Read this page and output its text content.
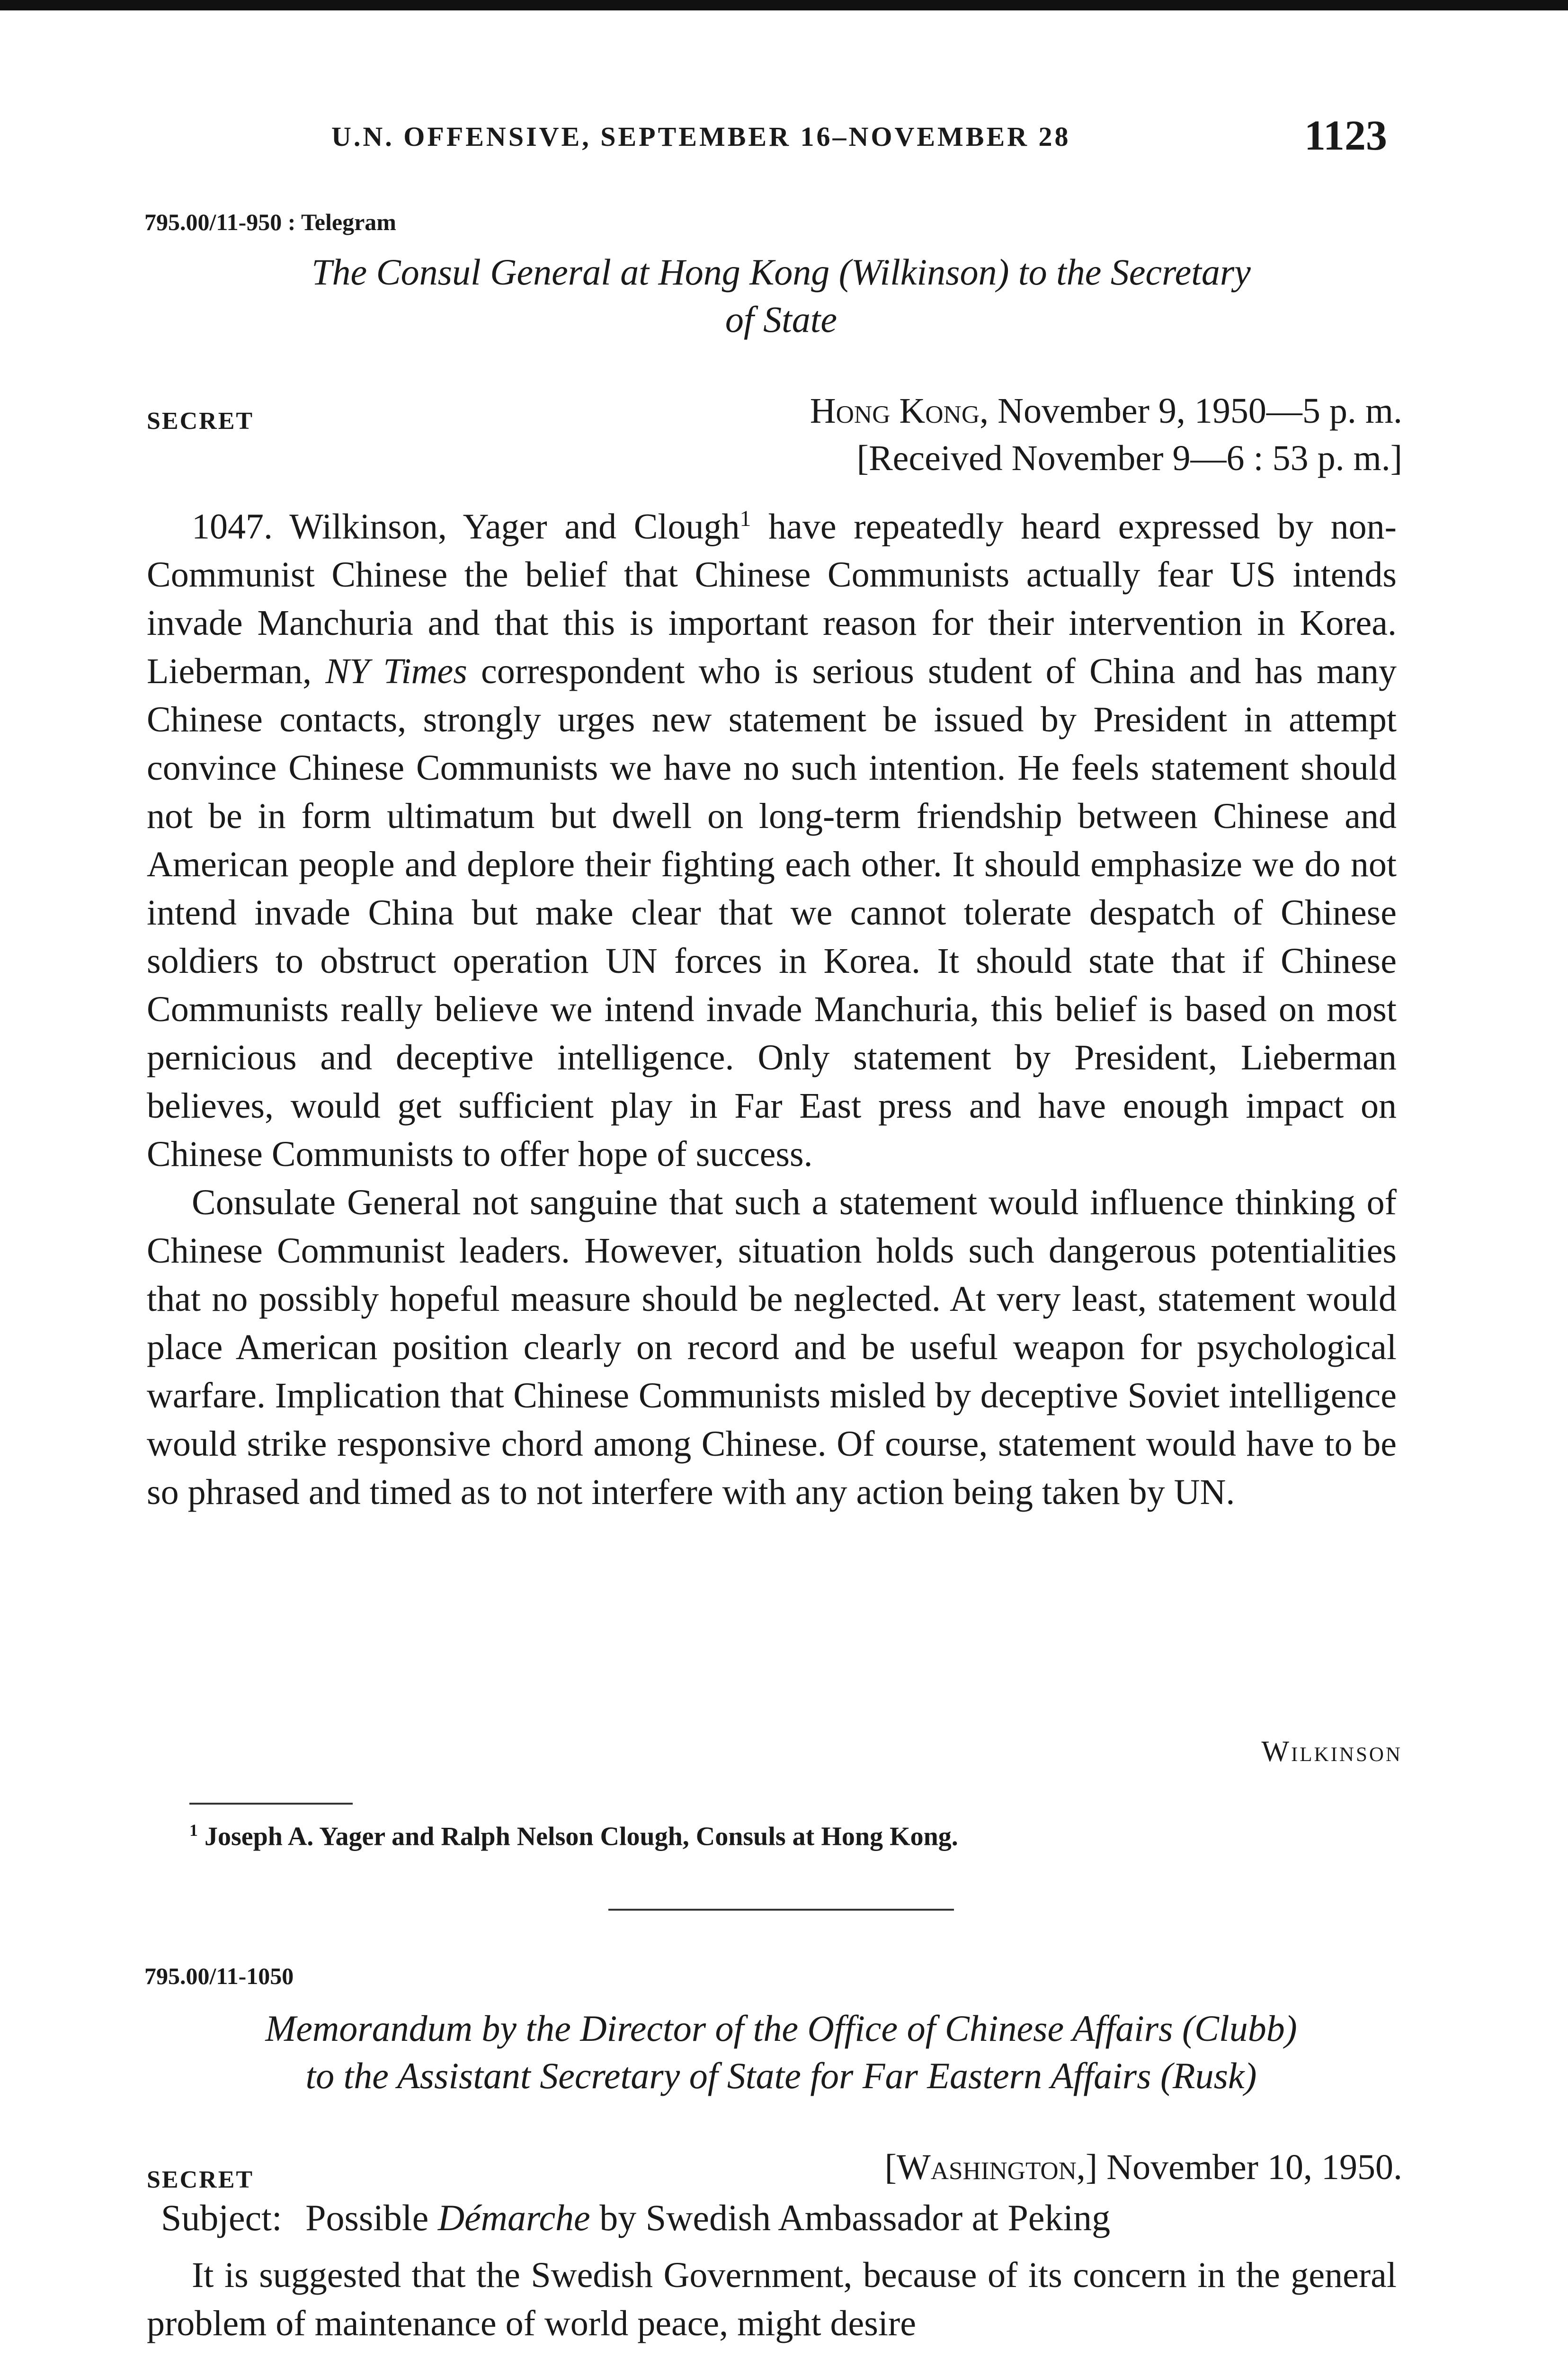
U.N. OFFENSIVE, SEPTEMBER 16–NOVEMBER 28	1123
795.00/11-950 : Telegram
The Consul General at Hong Kong (Wilkinson) to the Secretary
of State
SECRET	Hong Kong, November 9, 1950—5 p. m.
[Received November 9—6 : 53 p. m.]

1047. Wilkinson, Yager and Clough$^1$ have repeatedly heard expressed by non-Communist Chinese the belief that Chinese Communists actually fear US intends invade Manchuria and that this is important reason for their intervention in Korea. Lieberman, NY Times correspondent who is serious student of China and has many Chinese contacts, strongly urges new statement be issued by President in attempt convince Chinese Communists we have no such intention. He feels statement should not be in form ultimatum but dwell on long-term friendship between Chinese and American people and deplore their fighting each other. It should emphasize we do not intend invade China but make clear that we cannot tolerate despatch of Chinese soldiers to obstruct operation UN forces in Korea. It should state that if Chinese Communists really believe we intend invade Manchuria, this belief is based on most pernicious and deceptive intelligence. Only statement by President, Lieberman believes, would get sufficient play in Far East press and have enough impact on Chinese Communists to offer hope of success.

Consulate General not sanguine that such a statement would influence thinking of Chinese Communist leaders. However, situation holds such dangerous potentialities that no possibly hopeful measure should be neglected. At very least, statement would place American position clearly on record and be useful weapon for psychological warfare. Implication that Chinese Communists misled by deceptive Soviet intelligence would strike responsive chord among Chinese. Of course, statement would have to be so phrased and timed as to not interfere with any action being taken by UN.

Wilkinson
$^1$ Joseph A. Yager and Ralph Nelson Clough, Consuls at Hong Kong.
795.00/11-1050
Memorandum by the Director of the Office of Chinese Affairs (Clubb)
to the Assistant Secretary of State for Far Eastern Affairs (Rusk)
SECRET	[Washington,] November 10, 1950.
Subject: Possible Démarche by Swedish Ambassador at Peking

It is suggested that the Swedish Government, because of its concern in the general problem of maintenance of world peace, might desire
